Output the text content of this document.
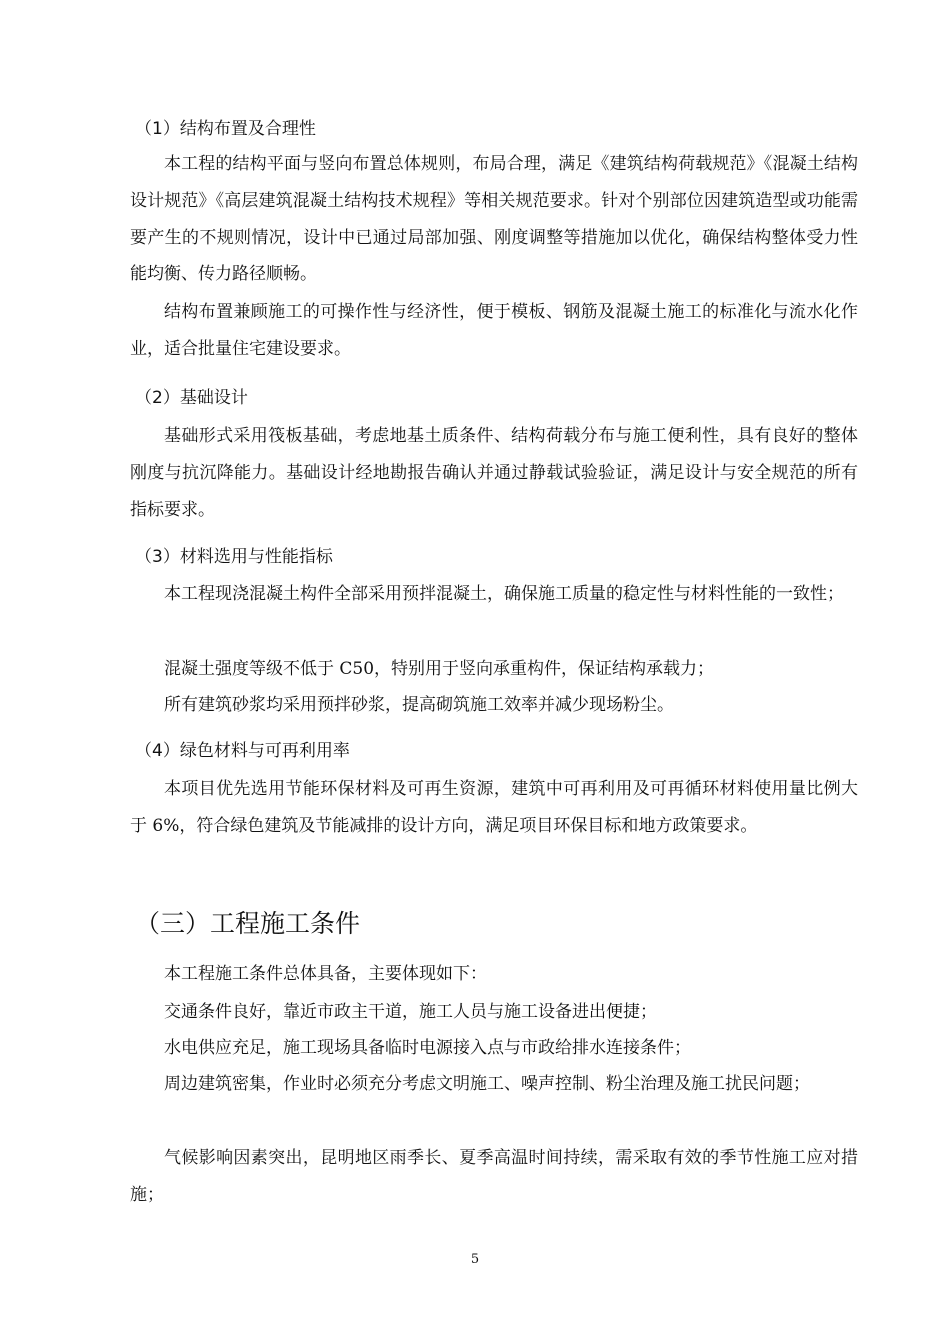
（1）结构布置及合理性

本工程的结构平面与竖向布置总体规则，布局合理，满足《建筑结构荷载规范》《混凝土结构设计规范》《高层建筑混凝土结构技术规程》等相关规范要求。针对个别部位因建筑造型或功能需要产生的不规则情况，设计中已通过局部加强、刚度调整等措施加以优化，确保结构整体受力性能均衡、传力路径顺畅。

结构布置兼顾施工的可操作性与经济性，便于模板、钢筋及混凝土施工的标准化与流水化作业，适合批量住宅建设要求。

（2）基础设计

基础形式采用筏板基础，考虑地基土质条件、结构荷载分布与施工便利性，具有良好的整体刚度与抗沉降能力。基础设计经地勘报告确认并通过静载试验验证，满足设计与安全规范的所有指标要求。

（3）材料选用与性能指标

本工程现浇混凝土构件全部采用预拌混凝土，确保施工质量的稳定性与材料性能的一致性；

混凝土强度等级不低于 C50，特别用于竖向承重构件，保证结构承载力；

所有建筑砂浆均采用预拌砂浆，提高砌筑施工效率并减少现场粉尘。

（4）绿色材料与可再利用率

本项目优先选用节能环保材料及可再生资源，建筑中可再利用及可再循环材料使用量比例大于 6%，符合绿色建筑及节能减排的设计方向，满足项目环保目标和地方政策要求。

（三）工程施工条件

本工程施工条件总体具备，主要体现如下：

交通条件良好，靠近市政主干道，施工人员与施工设备进出便捷；

水电供应充足，施工现场具备临时电源接入点与市政给排水连接条件；

周边建筑密集，作业时必须充分考虑文明施工、噪声控制、粉尘治理及施工扰民问题；

气候影响因素突出，昆明地区雨季长、夏季高温时间持续，需采取有效的季节性施工应对措施；

5
